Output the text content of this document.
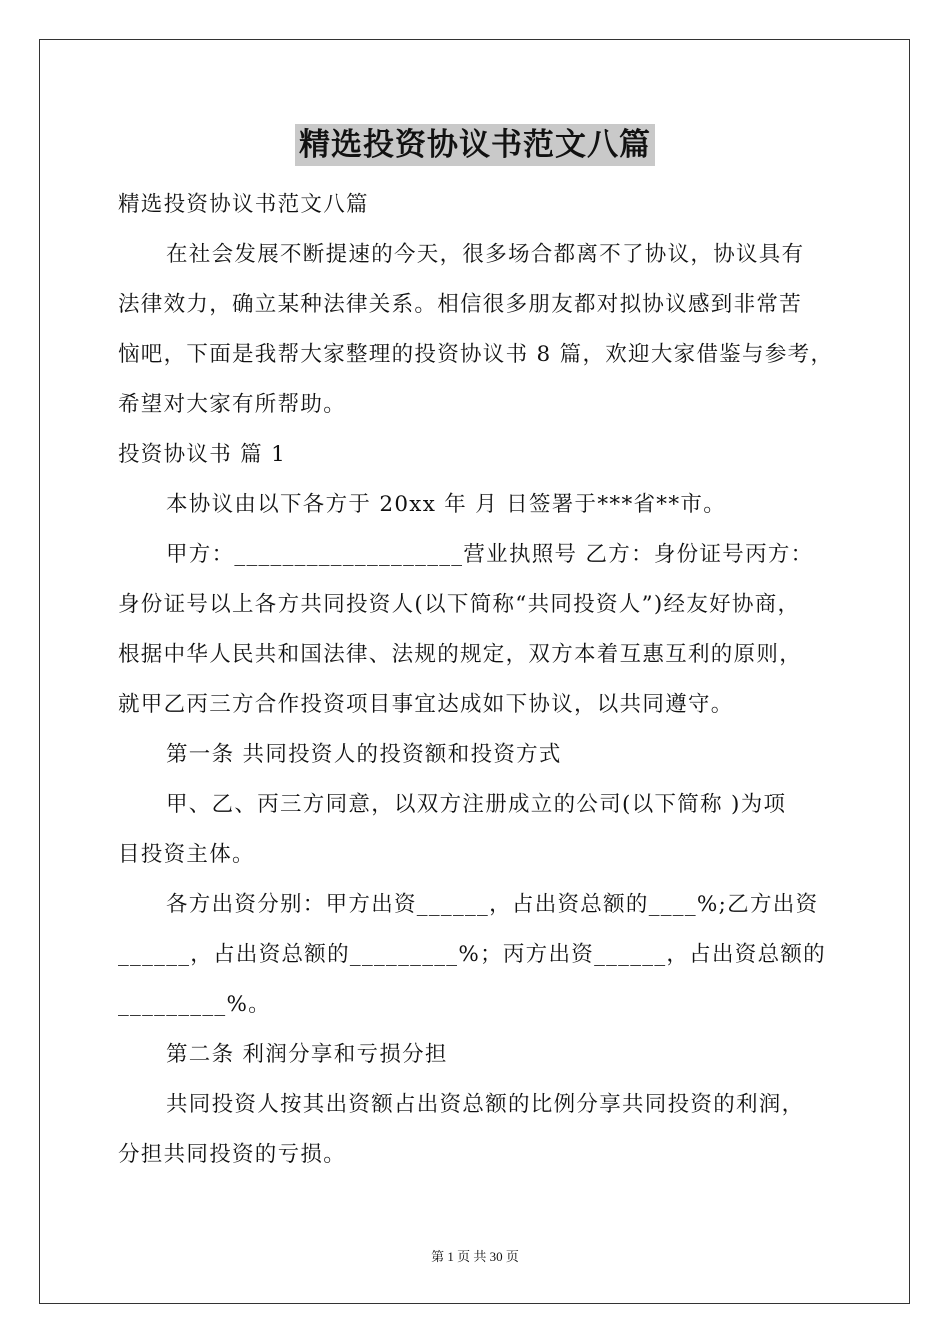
精选投资协议书范文八篇
精选投资协议书范文八篇
在社会发展不断提速的今天，很多场合都离不了协议，协议具有
法律效力，确立某种法律关系。相信很多朋友都对拟协议感到非常苦
恼吧，下面是我帮大家整理的投资协议书 8 篇，欢迎大家借鉴与参考，
希望对大家有所帮助。
投资协议书 篇 1
本协议由以下各方于 20xx 年 月 日签署于***省**市。
甲方：___________________营业执照号 乙方：身份证号丙方：
身份证号以上各方共同投资人(以下简称“共同投资人”)经友好协商，
根据中华人民共和国法律、法规的规定，双方本着互惠互利的原则，
就甲乙丙三方合作投资项目事宜达成如下协议，以共同遵守。
第一条 共同投资人的投资额和投资方式
甲、乙、丙三方同意，以双方注册成立的公司(以下简称 )为项
目投资主体。
各方出资分别：甲方出资______，占出资总额的____%;乙方出资
______，占出资总额的_________%；丙方出资______，占出资总额的
_________%。
第二条 利润分享和亏损分担
共同投资人按其出资额占出资总额的比例分享共同投资的利润，
分担共同投资的亏损。
第 1 页 共 30 页
